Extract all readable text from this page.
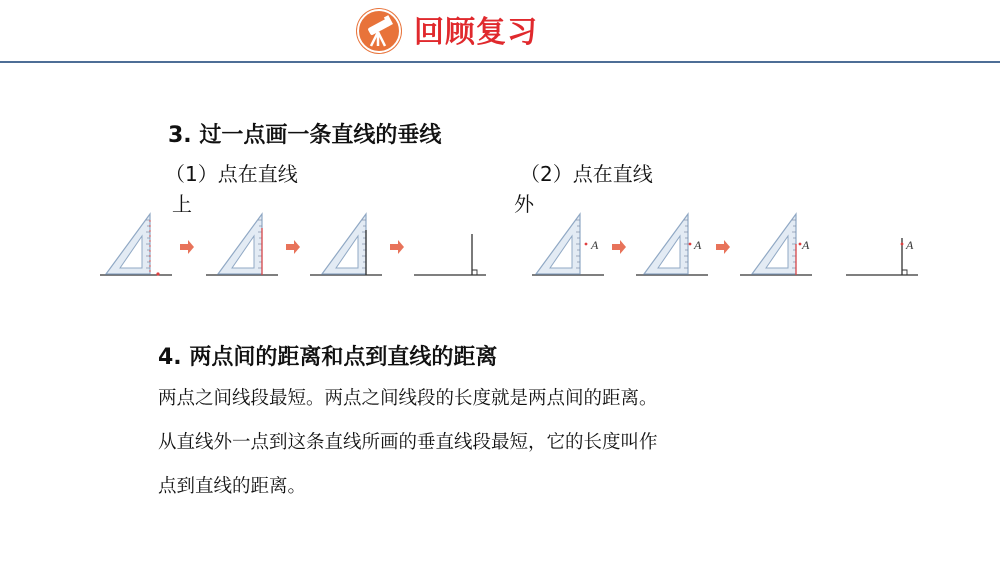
回顾复习
3. 过一点画一条直线的垂线
（1）点在直线
上
（2）点在直线
外
A	A	A	A
4. 两点间的距离和点到直线的距离
两点之间线段最短。两点之间线段的长度就是两点间的距离。
从直线外一点到这条直线所画的垂直线段最短，它的长度叫作
点到直线的距离。
